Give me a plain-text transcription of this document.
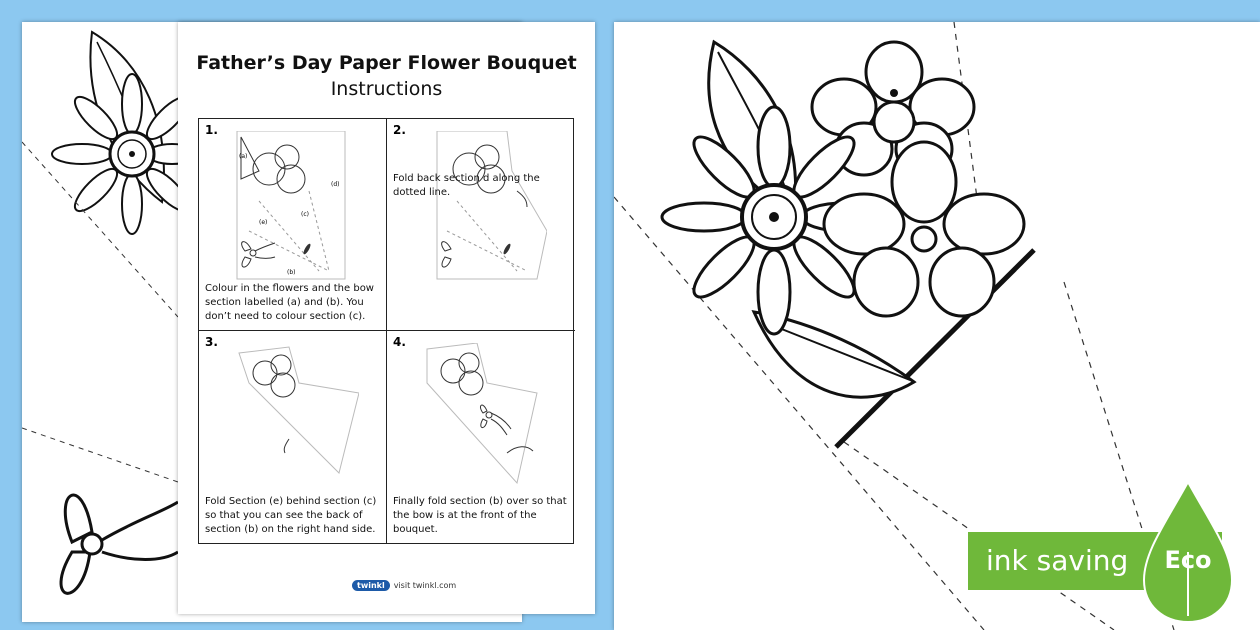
Father’s Day Paper Flower Bouquet
Instructions
1.
(a)
(d)
(c)
(e)
(b)
Colour in the flowers and the bow section labelled (a) and (b). You don’t need to colour section (c).
2.
Fold back section d along the dotted line.
3.
Fold Section (e) behind section (c) so that you can see the back of section (b) on the right hand side.
4.
Finally fold section (b) over so that the bow is at the front of the bouquet.
twinkl visit twinkl.com
ink saving Eco
